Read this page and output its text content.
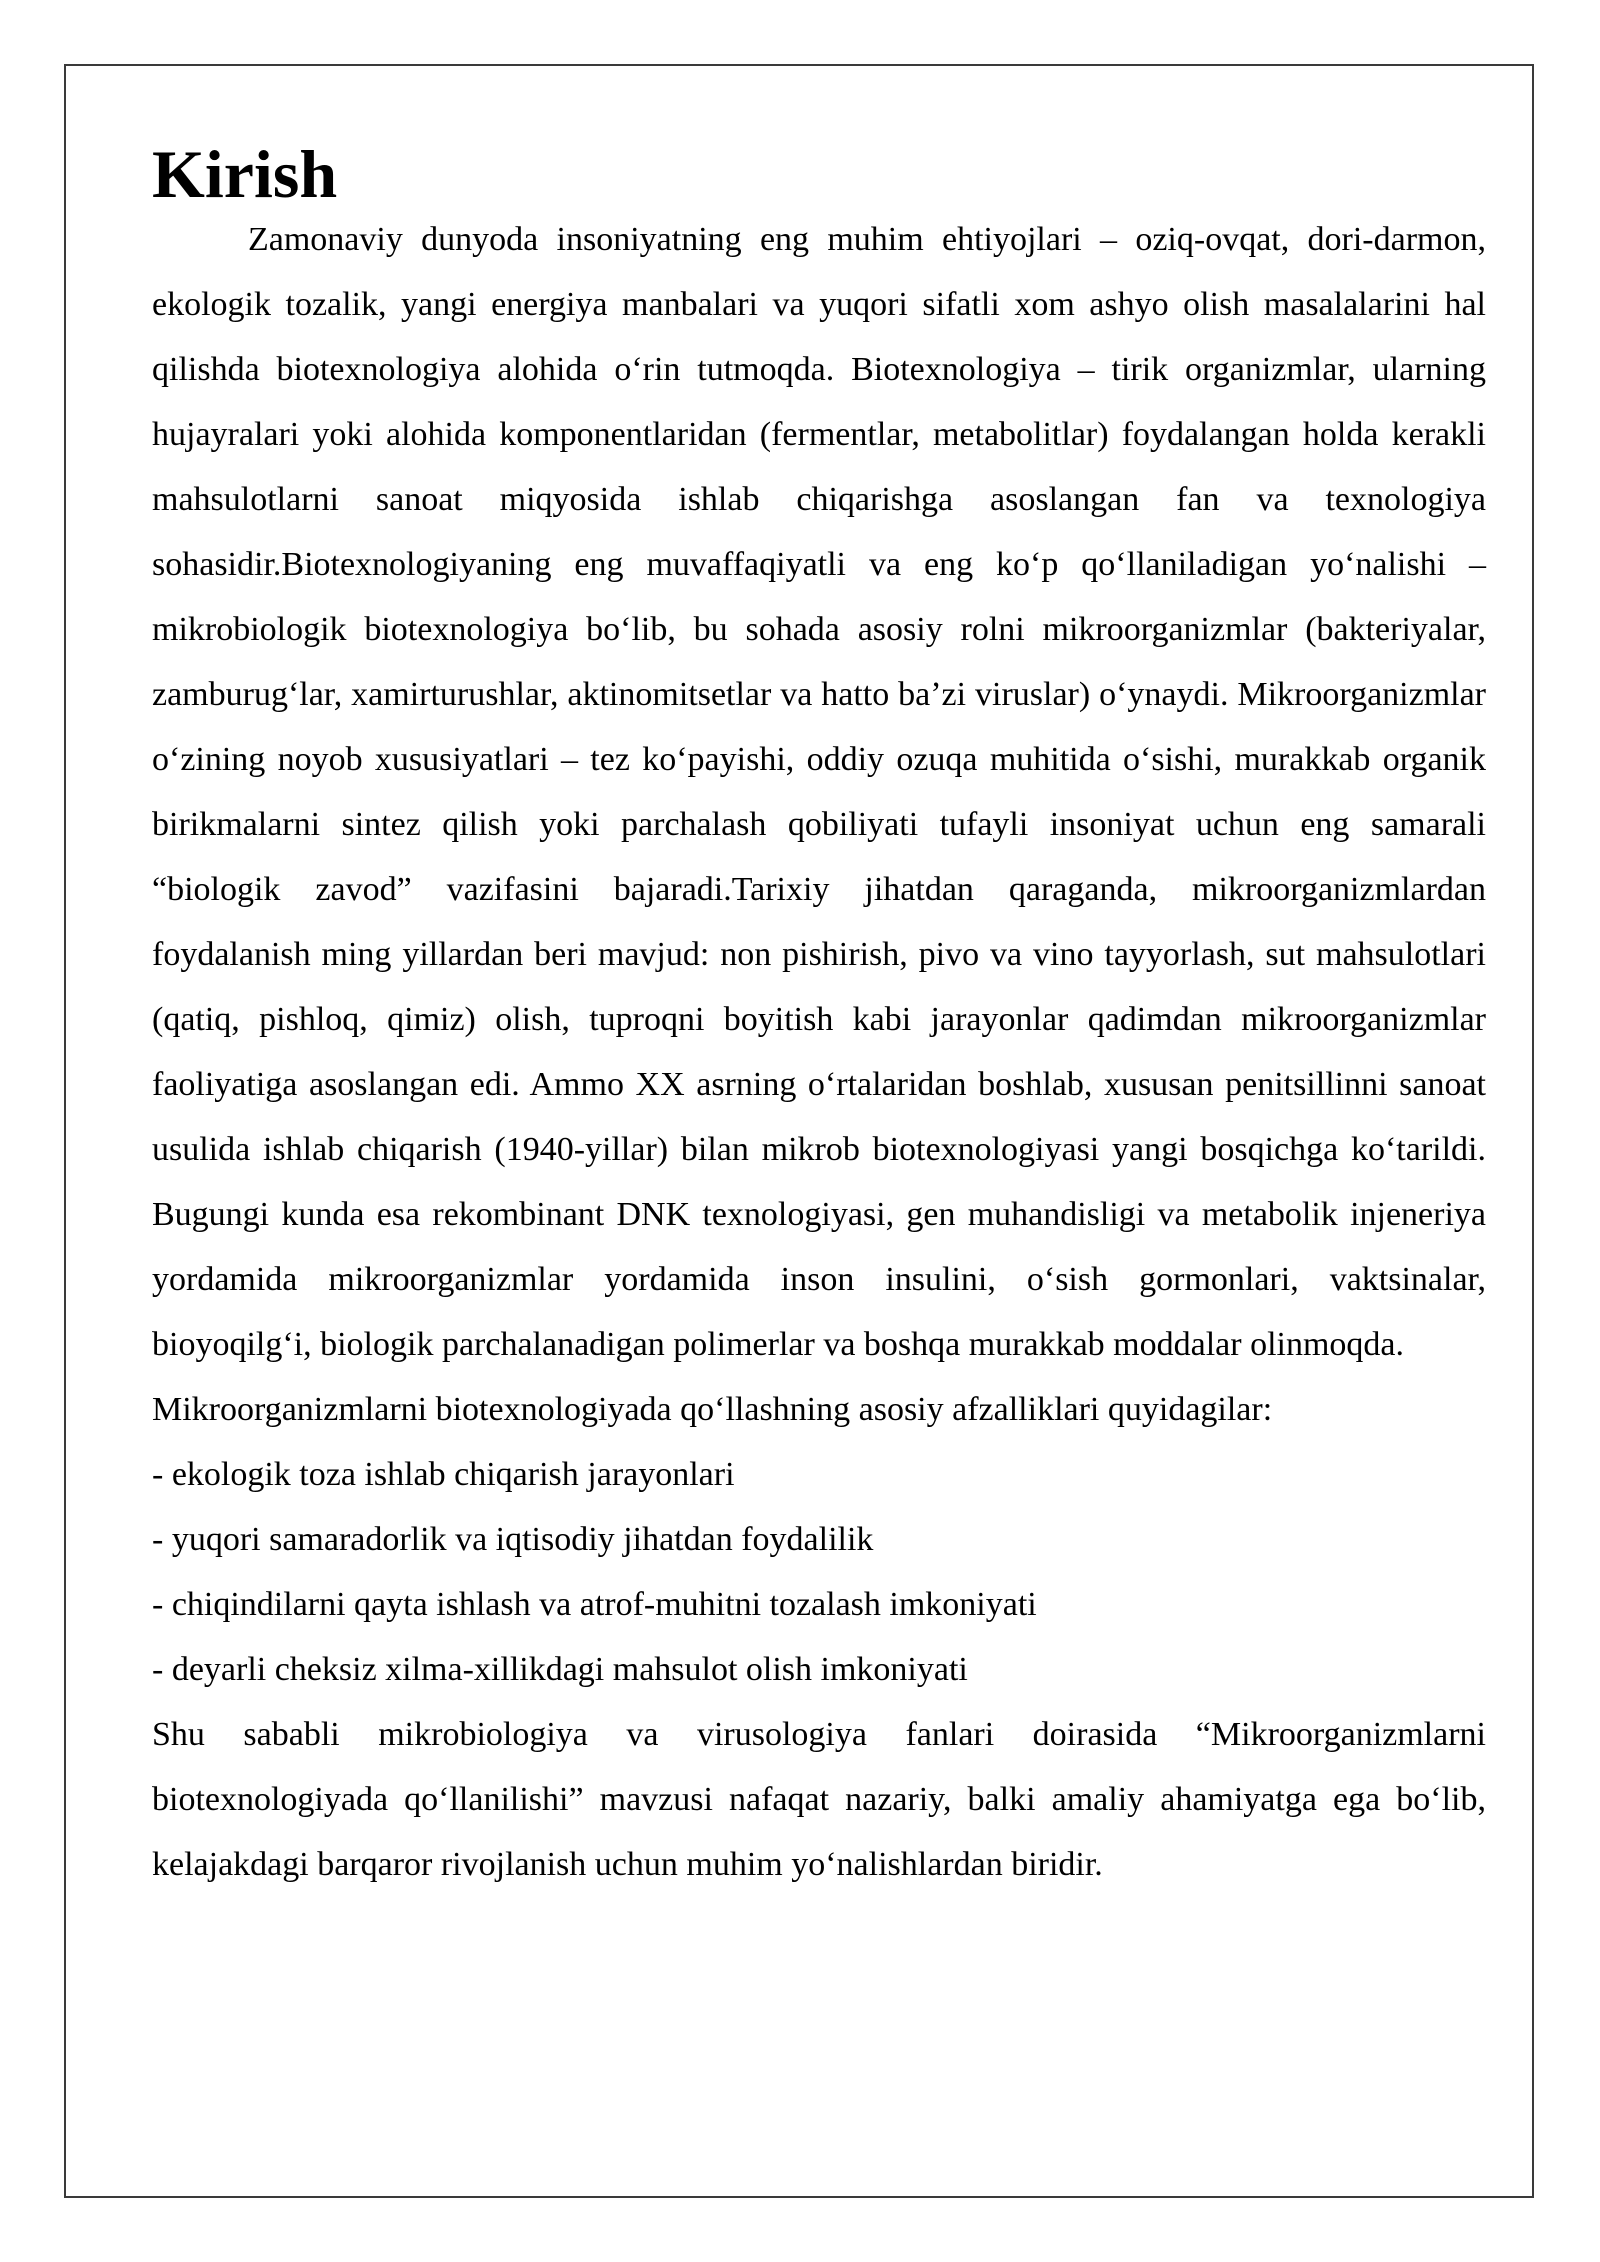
Kirish

Zamonaviy dunyoda insoniyatning eng muhim ehtiyojlari – oziq-ovqat, dori-darmon, ekologik tozalik, yangi energiya manbalari va yuqori sifatli xom ashyo olish masalalarini hal qilishda biotexnologiya alohida oʻrin tutmoqda. Biotexnologiya – tirik organizmlar, ularning hujayralari yoki alohida komponentlaridan (fermentlar, metabolitlar) foydalangan holda kerakli mahsulotlarni sanoat miqyosida ishlab chiqarishga asoslangan fan va texnologiya sohasidir.Biotexnologiyaning eng muvaffaqiyatli va eng koʻp qoʻllaniladigan yoʻnalishi – mikrobiologik biotexnologiya boʻlib, bu sohada asosiy rolni mikroorganizmlar (bakteriyalar, zamburugʻlar, xamirturushlar, aktinomitsetlar va hatto baʼzi viruslar) oʻynaydi. Mikroorganizmlar oʻzining noyob xususiyatlari – tez koʻpayishi, oddiy ozuqa muhitida oʻsishi, murakkab organik birikmalarni sintez qilish yoki parchalash qobiliyati tufayli insoniyat uchun eng samarali “biologik zavod” vazifasini bajaradi.Tarixiy jihatdan qaraganda, mikroorganizmlardan foydalanish ming yillardan beri mavjud: non pishirish, pivo va vino tayyorlash, sut mahsulotlari (qatiq, pishloq, qimiz) olish, tuproqni boyitish kabi jarayonlar qadimdan mikroorganizmlar faoliyatiga asoslangan edi. Ammo XX asrning oʻrtalaridan boshlab, xususan penitsillinni sanoat usulida ishlab chiqarish (1940-yillar) bilan mikrob biotexnologiyasi yangi bosqichga koʻtarildi. Bugungi kunda esa rekombinant DNK texnologiyasi, gen muhandisligi va metabolik injeneriya yordamida mikroorganizmlar yordamida inson insulini, oʻsish gormonlari, vaktsinalar, bioyoqilgʻi, biologik parchalanadigan polimerlar va boshqa murakkab moddalar olinmoqda.

Mikroorganizmlarni biotexnologiyada qoʻllashning asosiy afzalliklari quyidagilar:

- ekologik toza ishlab chiqarish jarayonlari
- yuqori samaradorlik va iqtisodiy jihatdan foydalilik
- chiqindilarni qayta ishlash va atrof-muhitni tozalash imkoniyati
- deyarli cheksiz xilma-xillikdagi mahsulot olish imkoniyati

Shu sababli mikrobiologiya va virusologiya fanlari doirasida “Mikroorganizmlarni biotexnologiyada qoʻllanilishi” mavzusi nafaqat nazariy, balki amaliy ahamiyatga ega boʻlib, kelajakdagi barqaror rivojlanish uchun muhim yoʻnalishlardan biridir.
